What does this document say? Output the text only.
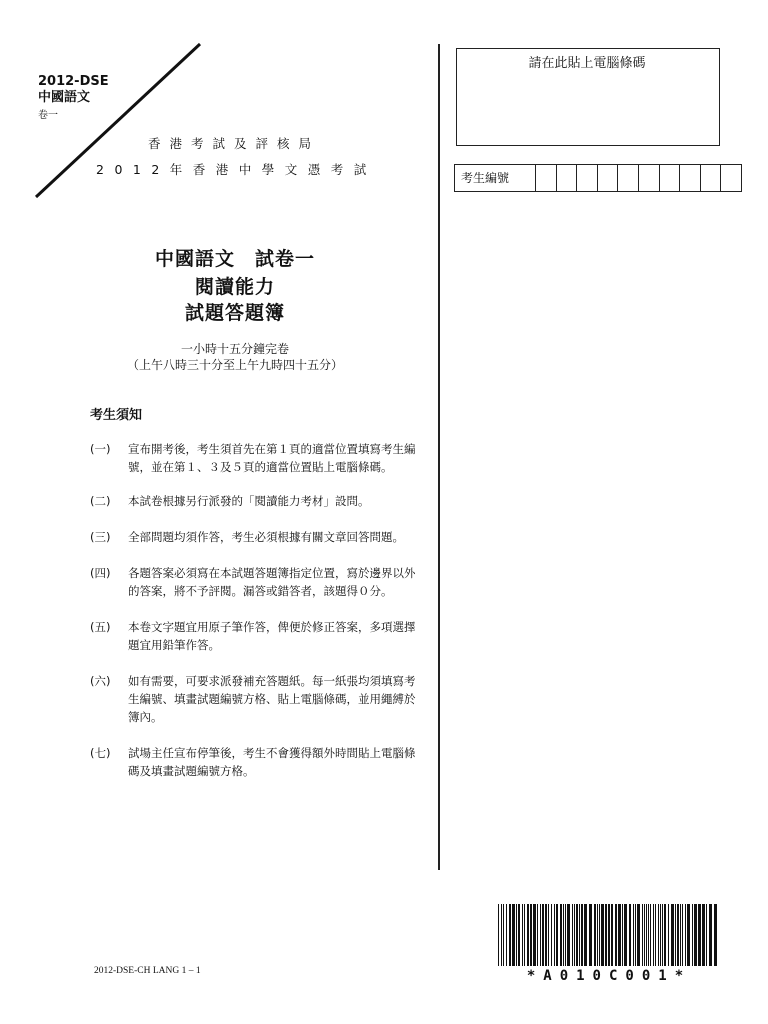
2012-DSE
中國語文
卷一
香港考試及評核局
2012年香港中學文憑考試
中國語文　試卷一
閱讀能力
試題答題簿
一小時十五分鐘完卷
（上午八時三十分至上午九時四十五分）
考生須知
(一)	宣布開考後，考生須首先在第１頁的適當位置填寫考生編號，並在第１、３及５頁的適當位置貼上電腦條碼。
(二)	本試卷根據另行派發的「閱讀能力考材」設問。
(三)	全部問題均須作答，考生必須根據有關文章回答問題。
(四)	各題答案必須寫在本試題答題簿指定位置，寫於邊界以外的答案，將不予評閱。漏答或錯答者，該題得０分。
(五)	本卷文字題宜用原子筆作答，俾便於修正答案，多項選擇題宜用鉛筆作答。
(六)	如有需要，可要求派發補充答題紙。每一紙張均須填寫考生編號、填畫試題編號方格、貼上電腦條碼，並用繩縛於簿內。
(七)	試場主任宣布停筆後，考生不會獲得額外時間貼上電腦條碼及填畫試題編號方格。
請在此貼上電腦條碼
考生編號
2012-DSE-CH LANG 1 – 1	*A010C001*
